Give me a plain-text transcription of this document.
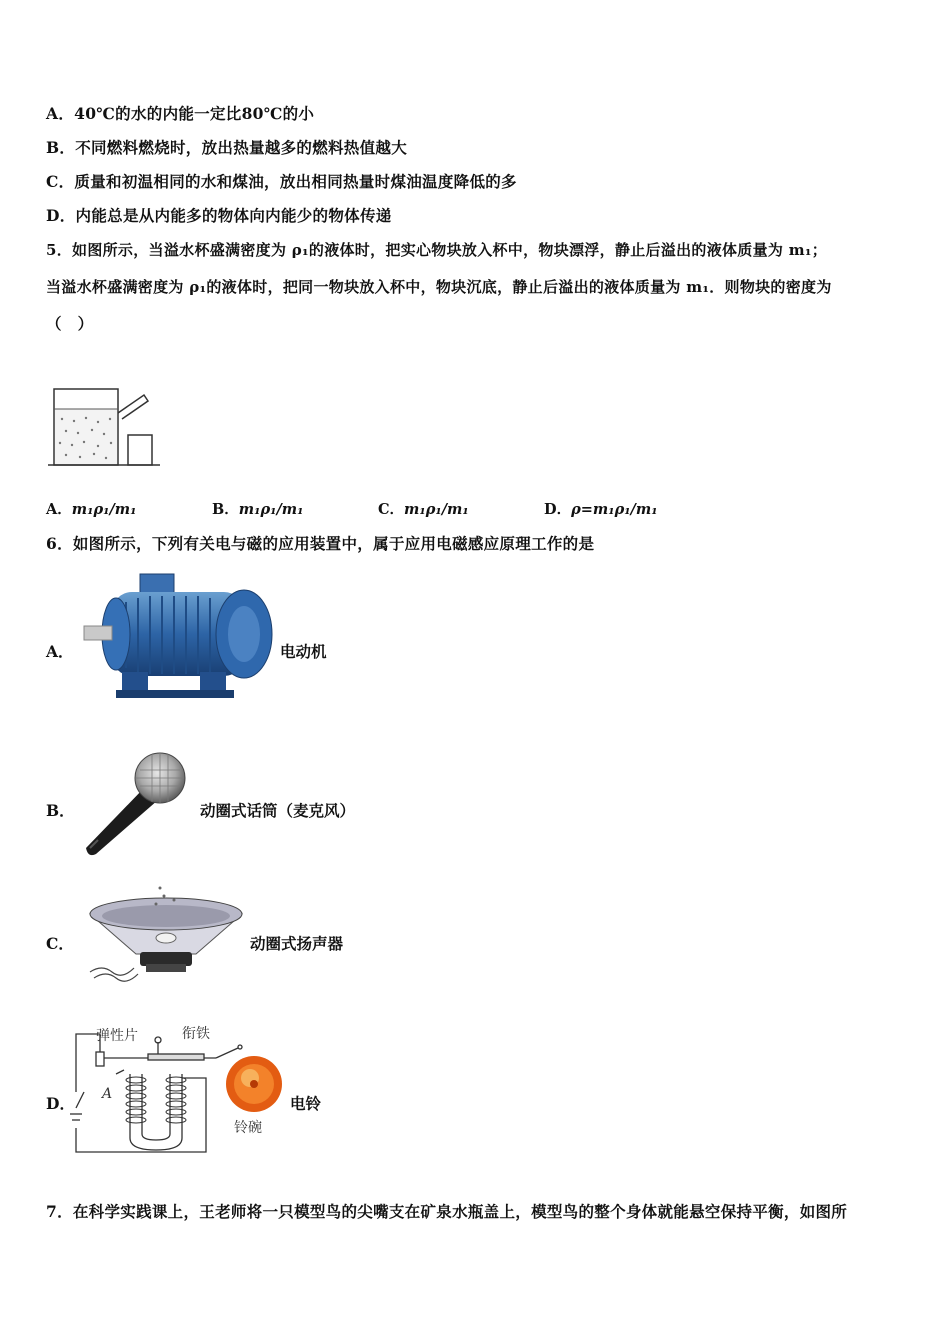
A．40℃的水的内能一定比80℃的小
B．不同燃料燃烧时，放出热量越多的燃料热值越大
C．质量和初温相同的水和煤油，放出相同热量时煤油温度降低的多
D．内能总是从内能多的物体向内能少的物体传递
5．如图所示，当溢水杯盛满密度为 ρ₁的液体时，把实心物块放入杯中，物块漂浮，静止后溢出的液体质量为 m₁；
当溢水杯盛满密度为 ρ₁的液体时，把同一物块放入杯中，物块沉底，静止后溢出的液体质量为 m₁．则物块的密度为
（　）
A．m₁ρ₁/m₁	B．m₁ρ₁/m₁	C．m₁ρ₁/m₁	D．ρ=m₁ρ₁/m₁
6．如图所示，下列有关电与磁的应用装置中，属于应用电磁感应原理工作的是
A．	电动机
B．	动圈式话筒（麦克风）
C．	动圈式扬声器
D．
弹性片	衔铁
A
铃碗
电铃
7．在科学实践课上，王老师将一只模型鸟的尖嘴支在矿泉水瓶盖上，模型鸟的整个身体就能悬空保持平衡，如图所
